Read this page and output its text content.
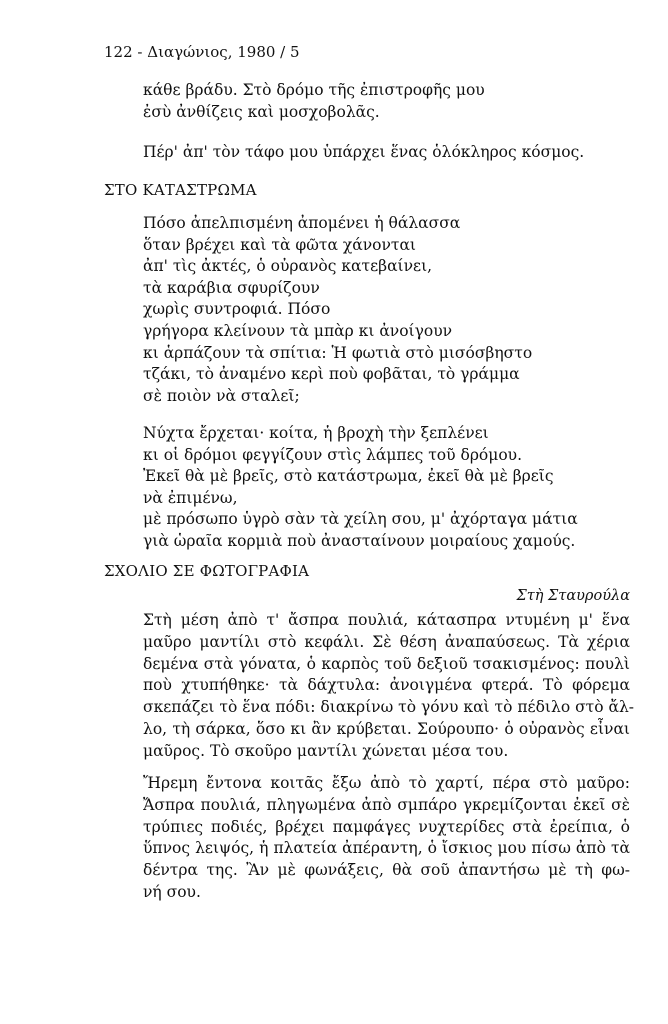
122 - Διαγώνιος, 1980 / 5
κάθε βράδυ. Στὸ δρόμο τῆς ἐπιστροφῆς μου
ἐσὺ ἀνθίζεις καὶ μοσχοβολᾶς.
Πέρ' ἀπ' τὸν τάφο μου ὑπάρχει ἕνας ὁλόκληρος κόσμος.
ΣΤΟ ΚΑΤΑΣΤΡΩΜΑ
Πόσο ἀπελπισμένη ἀπομένει ἡ θάλασσα
ὅταν βρέχει καὶ τὰ φῶτα χάνονται
ἀπ' τὶς ἀκτές, ὁ οὐρανὸς κατεβαίνει,
τὰ καράβια σφυρίζουν
χωρὶς συντροφιά. Πόσο
γρήγορα κλείνουν τὰ μπὰρ κι ἀνοίγουν
κι ἁρπάζουν τὰ σπίτια: Ἡ φωτιὰ στὸ μισόσβηστο
τζάκι, τὸ ἀναμένο κερὶ ποὺ φοβᾶται, τὸ γράμμα
σὲ ποιὸν νὰ σταλεῖ;
Νύχτα ἔρχεται· κοίτα, ἡ βροχὴ τὴν ξεπλένει
κι οἱ δρόμοι φεγγίζουν στὶς λάμπες τοῦ δρόμου.
Ἐκεῖ θὰ μὲ βρεῖς, στὸ κατάστρωμα, ἐκεῖ θὰ μὲ βρεῖς
νὰ ἐπιμένω,
μὲ πρόσωπο ὑγρὸ σὰν τὰ χείλη σου, μ' ἀχόρταγα μάτια
γιὰ ὡραῖα κορμιὰ ποὺ ἀνασταίνουν μοιραίους χαμούς.
ΣΧΟΛΙΟ ΣΕ ΦΩΤΟΓΡΑΦΙΑ
Στὴ Σταυρούλα
Στὴ μέση ἀπὸ τ' ἄσπρα πουλιά, κάτασπρα ντυμένη μ' ἕνα
μαῦρο μαντίλι στὸ κεφάλι. Σὲ θέση ἀναπαύσεως. Τὰ χέρια
δεμένα στὰ γόνατα, ὁ καρπὸς τοῦ δεξιοῦ τσακισμένος: πουλὶ
ποὺ χτυπήθηκε· τὰ δάχτυλα: ἀνοιγμένα φτερά. Τὸ φόρεμα
σκεπάζει τὸ ἕνα πόδι: διακρίνω τὸ γόνυ καὶ τὸ πέδιλο στὸ ἄλ-
λο, τὴ σάρκα, ὅσο κι ἂν κρύβεται. Σούρουπο· ὁ οὐρανὸς εἶναι
μαῦρος. Τὸ σκοῦρο μαντίλι χώνεται μέσα του.
Ἤρεμη ἔντονα κοιτᾶς ἔξω ἀπὸ τὸ χαρτί, πέρα στὸ μαῦρο:
Ἄσπρα πουλιά, πληγωμένα ἀπὸ σμπάρο γκρεμίζονται ἐκεῖ σὲ
τρύπιες ποδιές, βρέχει παμφάγες νυχτερίδες στὰ ἐρείπια, ὁ
ὕπνος λειψός, ἡ πλατεία ἀπέραντη, ὁ ἴσκιος μου πίσω ἀπὸ τὰ
δέντρα της. Ἂν μὲ φωνάξεις, θὰ σοῦ ἀπαντήσω μὲ τὴ φω-
νή σου.
